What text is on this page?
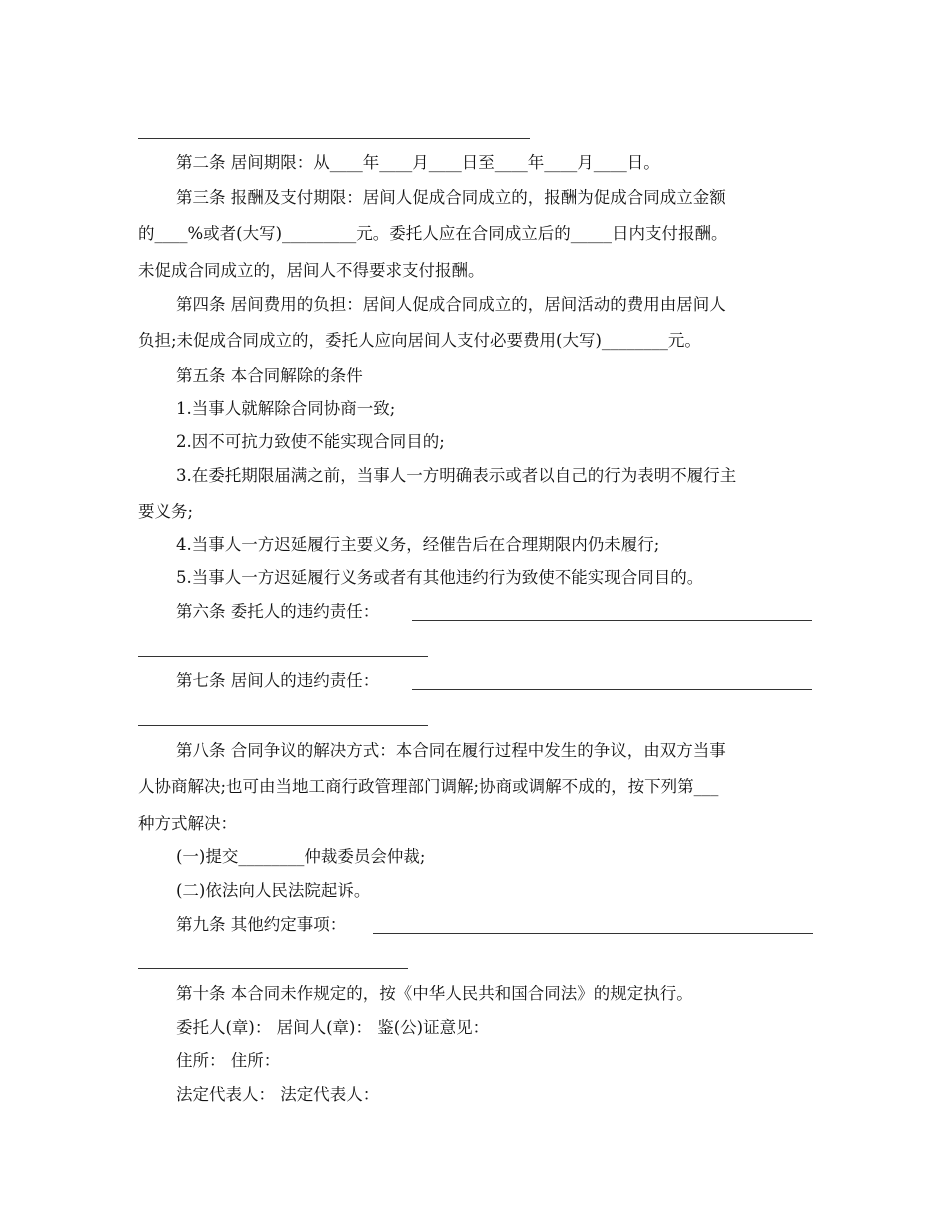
第二条 居间期限：从____年____月____日至____年____月____日。
第三条 报酬及支付期限：居间人促成合同成立的，报酬为促成合同成立金额
的____%或者(大写)_________元。委托人应在合同成立后的_____日内支付报酬。
未促成合同成立的，居间人不得要求支付报酬。
第四条 居间费用的负担：居间人促成合同成立的，居间活动的费用由居间人
负担;未促成合同成立的，委托人应向居间人支付必要费用(大写)________元。
第五条 本合同解除的条件
1.当事人就解除合同协商一致;
2.因不可抗力致使不能实现合同目的;
3.在委托期限届满之前，当事人一方明确表示或者以自己的行为表明不履行主
要义务;
4.当事人一方迟延履行主要义务，经催告后在合理期限内仍未履行;
5.当事人一方迟延履行义务或者有其他违约行为致使不能实现合同目的。
第六条 委托人的违约责任：
第七条 居间人的违约责任：
第八条 合同争议的解决方式：本合同在履行过程中发生的争议，由双方当事
人协商解决;也可由当地工商行政管理部门调解;协商或调解不成的，按下列第___
种方式解决：
(一)提交________仲裁委员会仲裁;
(二)依法向人民法院起诉。
第九条 其他约定事项：
第十条 本合同未作规定的，按《中华人民共和国合同法》的规定执行。
委托人(章)： 居间人(章)： 鉴(公)证意见：
住所： 住所：
法定代表人： 法定代表人：
